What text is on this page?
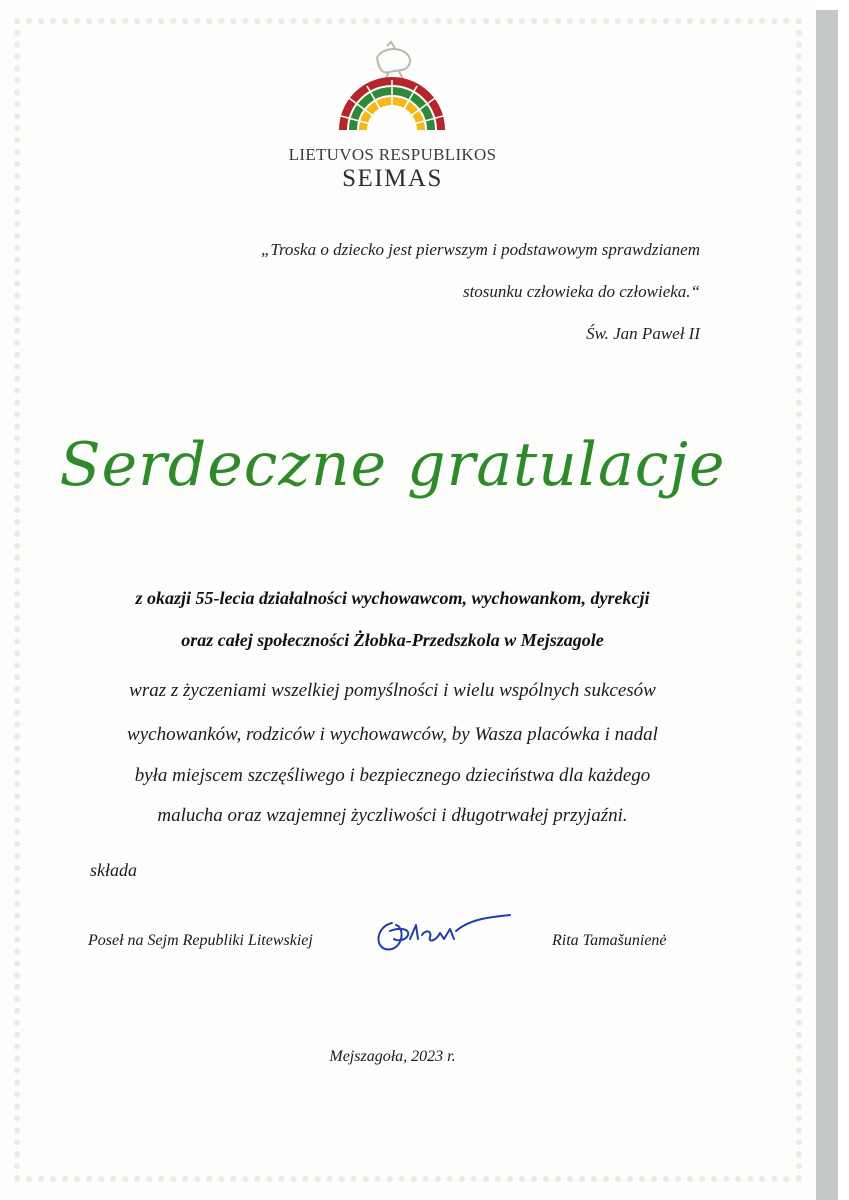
LIETUVOS RESPUBLIKOS
SEIMAS
„Troska o dziecko jest pierwszym i podstawowym sprawdzianem
stosunku człowieka do człowieka.“
Św. Jan Paweł II
Serdeczne gratulacje
z okazji 55-lecia działalności wychowawcom, wychowankom, dyrekcji
oraz całej społeczności Żłobka-Przedszkola w Mejszagole
wraz z życzeniami wszelkiej pomyślności i wielu wspólnych sukcesów
wychowanków, rodziców i wychowawców, by Wasza placówka i nadal
była miejscem szczęśliwego i bezpiecznego dzieciństwa dla każdego
malucha oraz wzajemnej życzliwości i długotrwałej przyjaźni.
składa
Poseł na Sejm Republiki Litewskiej	Rita Tamašunienė
Mejszagoła, 2023 r.
